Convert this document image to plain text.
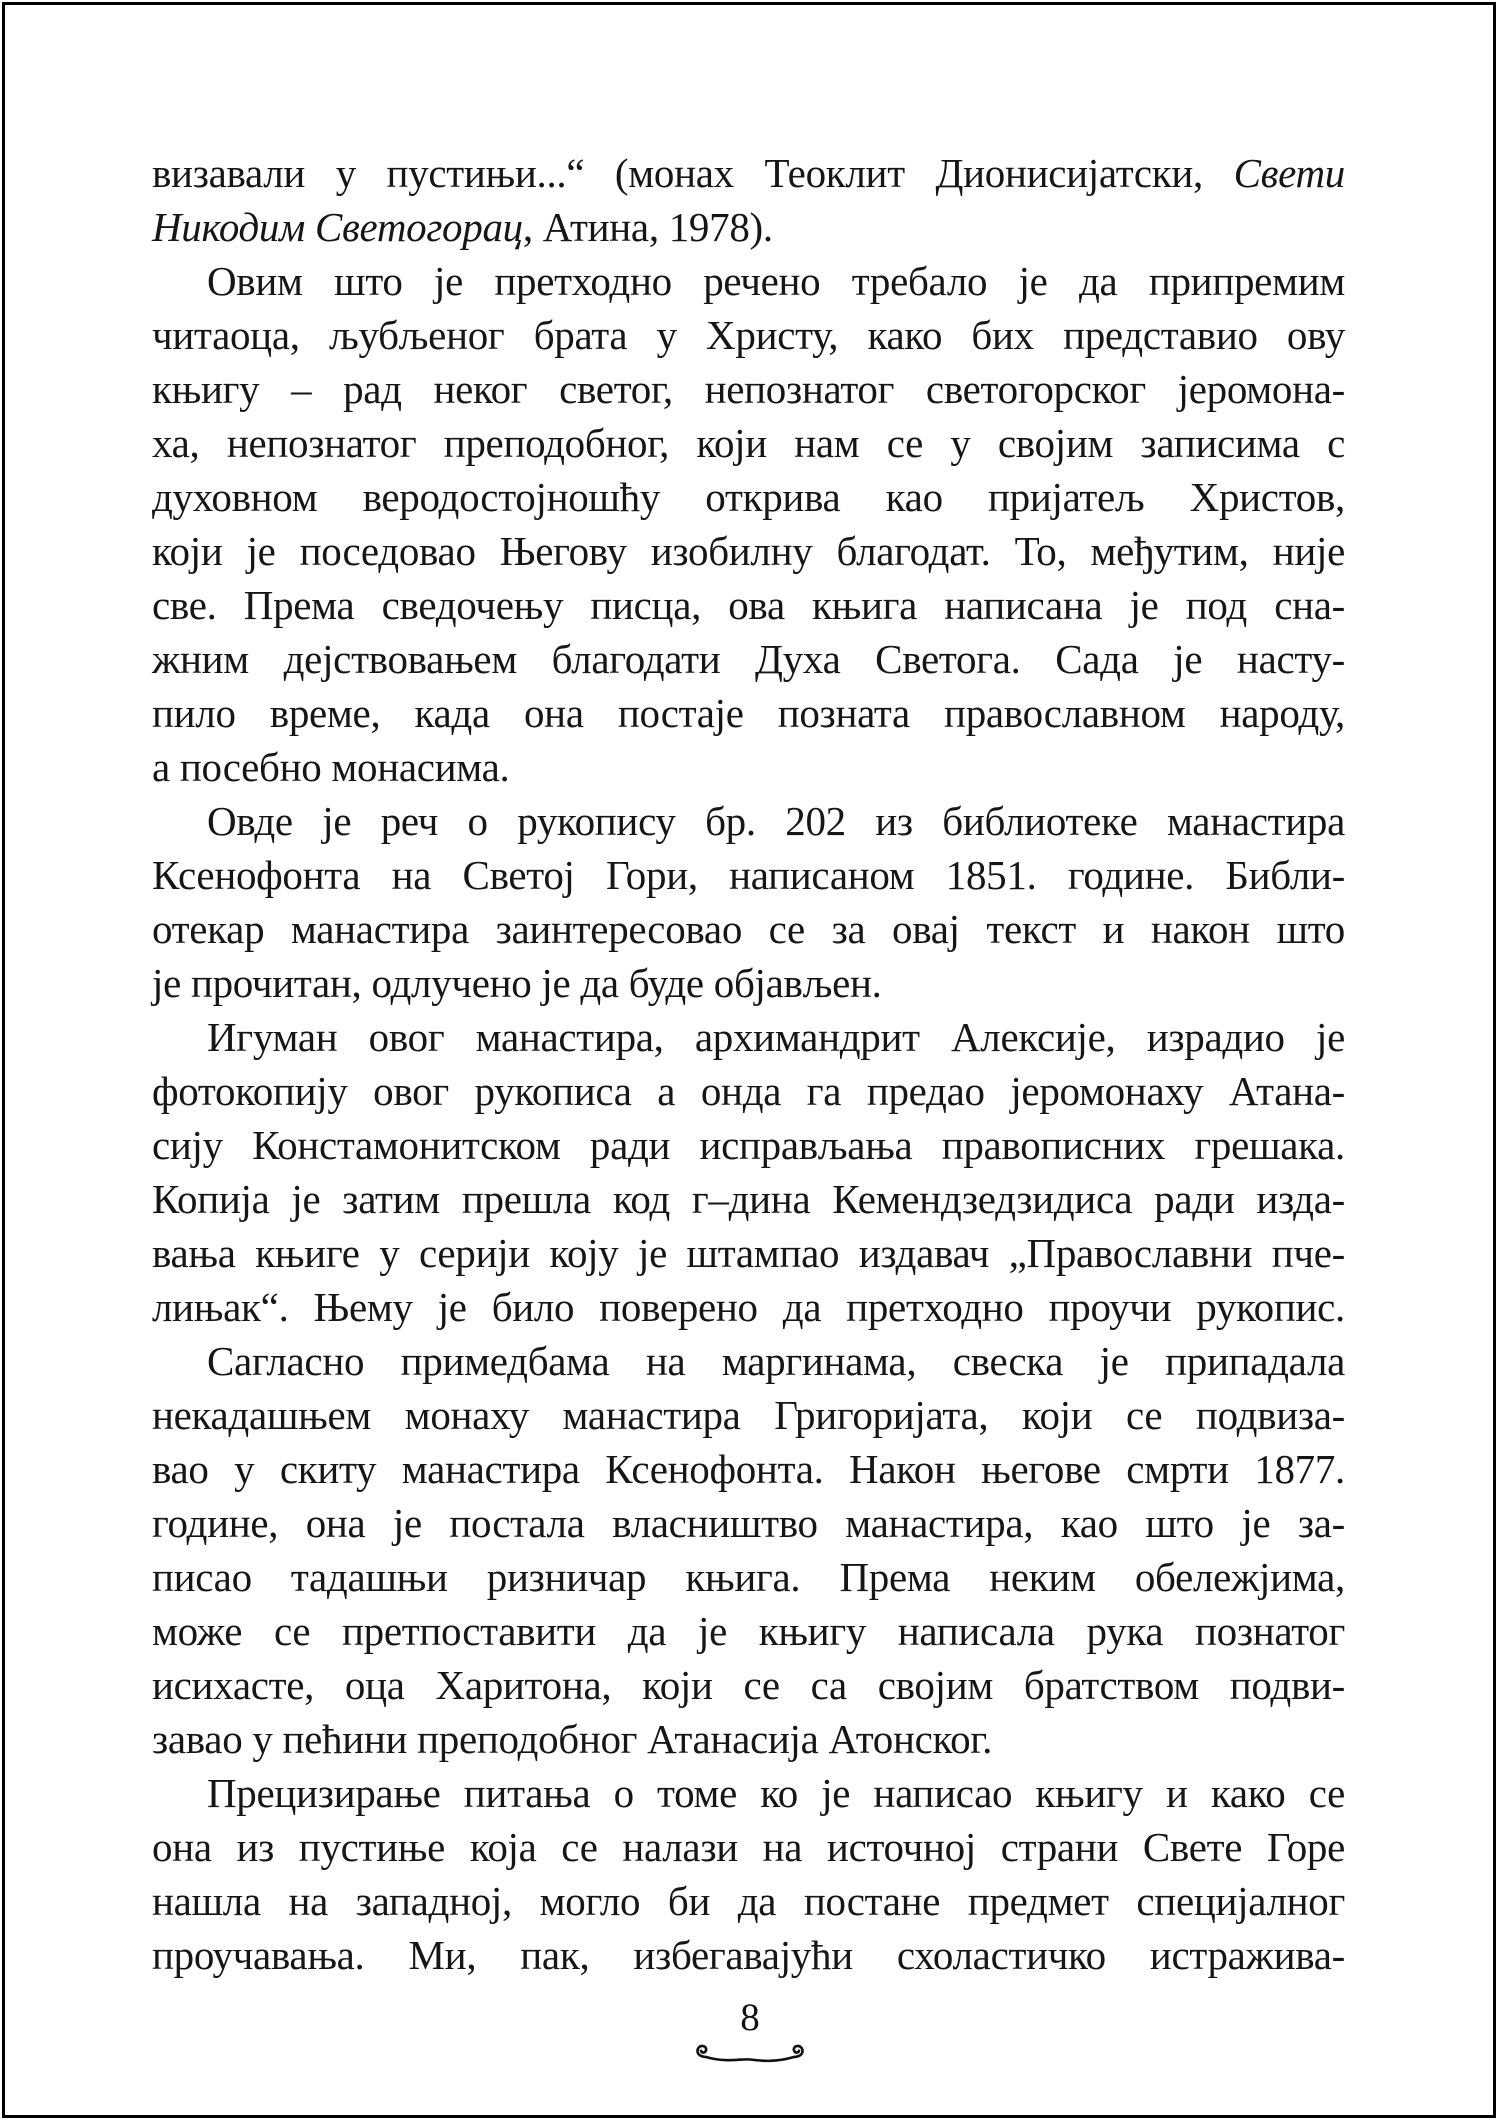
визавали у пустињи...“ (монах Теоклит Дионисијатски, Свети
Никодим Светогорац, Атина, 1978).
Овим што је претходно речено требало је да припремим
читаоца, љубљеног брата у Христу, како бих представио ову
књигу – рад неког светог, непознатог светогорског јеромона-
ха, непознатог преподобног, који нам се у својим записима с
духовном веродостојношћу открива као пријатељ Христов,
који је поседовао Његову изобилну благодат. То, међутим, није
све. Према сведочењу писца, ова књига написана је под сна-
жним дејствовањем благодати Духа Светога. Сада је насту-
пило време, када она постаје позната православном народу,
а посебно монасима.
Овде је реч о рукопису бр. 202 из библиотеке манастира
Ксенофонта на Светој Гори, написаном 1851. године. Библи-
отекар манастира заинтересовао се за овај текст и након што
је прочитан, одлучено је да буде објављен.
Игуман овог манастира, архимандрит Алексије, израдио је
фотокопију овог рукописа а онда га предао јеромонаху Атана-
сију Констамонитском ради исправљања правописних грешака.
Копија је затим прешла код г–дина Кемендзедзидиса ради изда-
вања књиге у серији коју је штампао издавач „Православни пче-
лињак“. Њему је било поверено да претходно проучи рукопис.
Сагласно примедбама на маргинама, свеска је припадала
некадашњем монаху манастира Григоријата, који се подвиза-
вао у скиту манастира Ксенофонта. Након његове смрти 1877.
године, она је постала власништво манастира, као што је за-
писао тадашњи ризничар књига. Према неким обележјима,
може се претпоставити да је књигу написала рука познатог
исихасте, оца Харитона, који се са својим братством подви-
завао у пећини преподобног Атанасија Атонског.
Прецизирање питања о томе ко је написао књигу и како се
она из пустиње која се налази на источној страни Свете Горе
нашла на западној, могло би да постане предмет специјалног
проучавања. Ми, пак, избегавајући схоластичко истражива-
8
